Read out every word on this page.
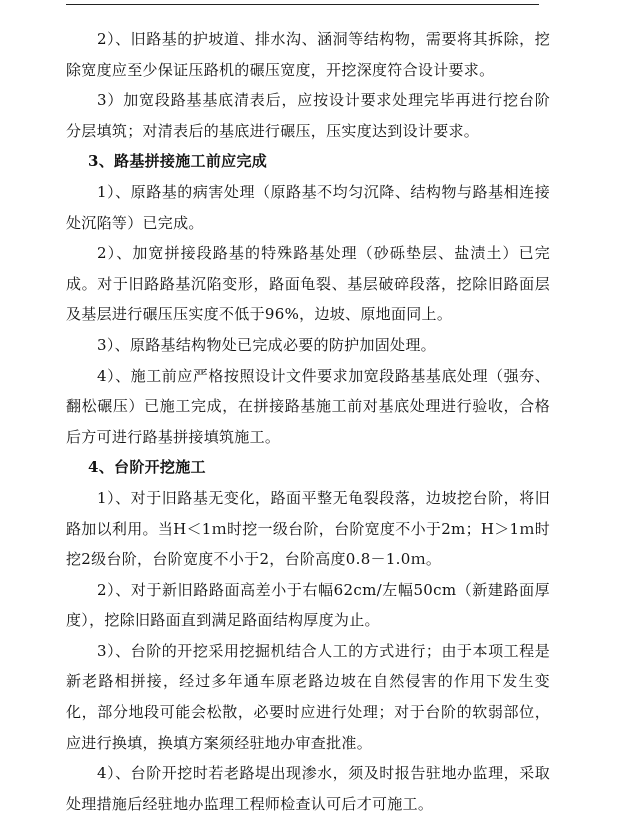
2）、旧路基的护坡道、排水沟、涵洞等结构物，需要将其拆除，挖除宽度应至少保证压路机的碾压宽度，开挖深度符合设计要求。

3）加宽段路基基底清表后，应按设计要求处理完毕再进行挖台阶分层填筑；对清表后的基底进行碾压，压实度达到设计要求。

3、路基拼接施工前应完成

1）、原路基的病害处理（原路基不均匀沉降、结构物与路基相连接处沉陷等）已完成。

2）、加宽拼接段路基的特殊路基处理（砂砾垫层、盐渍土）已完成。对于旧路路基沉陷变形，路面龟裂、基层破碎段落，挖除旧路面层及基层进行碾压压实度不低于96%，边坡、原地面同上。

3）、原路基结构物处已完成必要的防护加固处理。

4）、施工前应严格按照设计文件要求加宽段路基基底处理（强夯、翻松碾压）已施工完成，在拼接路基施工前对基底处理进行验收，合格后方可进行路基拼接填筑施工。

4、台阶开挖施工

1）、对于旧路基无变化，路面平整无龟裂段落，边坡挖台阶，将旧路加以利用。当H＜1ｍ时挖一级台阶，台阶宽度不小于2m；H＞1ｍ时挖2级台阶，台阶宽度不小于2，台阶高度0.8－1.0ｍ。

2）、对于新旧路路面高差小于右幅62cm/左幅50cm（新建路面厚度），挖除旧路面直到满足路面结构厚度为止。

3）、台阶的开挖采用挖掘机结合人工的方式进行；由于本项工程是新老路相拼接，经过多年通车原老路边坡在自然侵害的作用下发生变化，部分地段可能会松散，必要时应进行处理；对于台阶的软弱部位，应进行换填，换填方案须经驻地办审查批准。

4）、台阶开挖时若老路堤出现渗水，须及时报告驻地办监理，采取处理措施后经驻地办监理工程师检查认可后才可施工。
